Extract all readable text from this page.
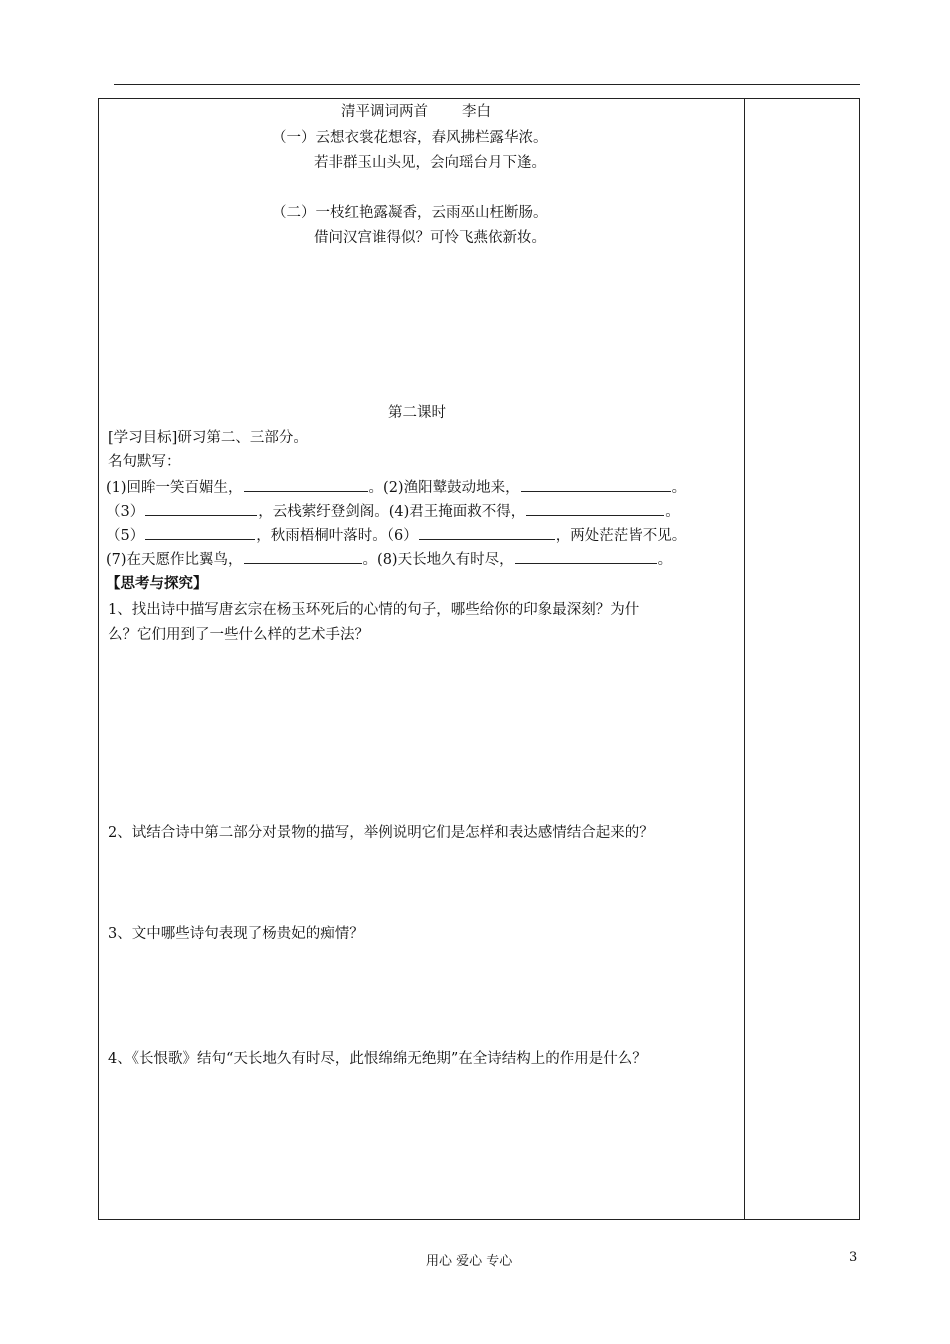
清平调词两首 李白
（一）云想衣裳花想容，春风拂栏露华浓。
若非群玉山头见，会向瑶台月下逢。
（二）一枝红艳露凝香，云雨巫山枉断肠。
借问汉宫谁得似？可怜飞燕依新妆。
第二课时
[学习目标]研习第二、三部分。
名句默写：
(1)回眸一笑百媚生，	。(2)渔阳鼙鼓动地来，	。
（3）	，云栈萦纡登剑阁。(4)君王掩面救不得，	。
（5）	，秋雨梧桐叶落时。（6）	，两处茫茫皆不见。
(7)在天愿作比翼鸟，	。(8)天长地久有时尽，	。
【思考与探究】
1、找出诗中描写唐玄宗在杨玉环死后的心情的句子，哪些给你的印象最深刻？为什
么？它们用到了一些什么样的艺术手法？
2、试结合诗中第二部分对景物的描写，举例说明它们是怎样和表达感情结合起来的？
3、文中哪些诗句表现了杨贵妃的痴情？
4、《长恨歌》结句“天长地久有时尽，此恨绵绵无绝期”在全诗结构上的作用是什么？
用心 爱心 专心	3
